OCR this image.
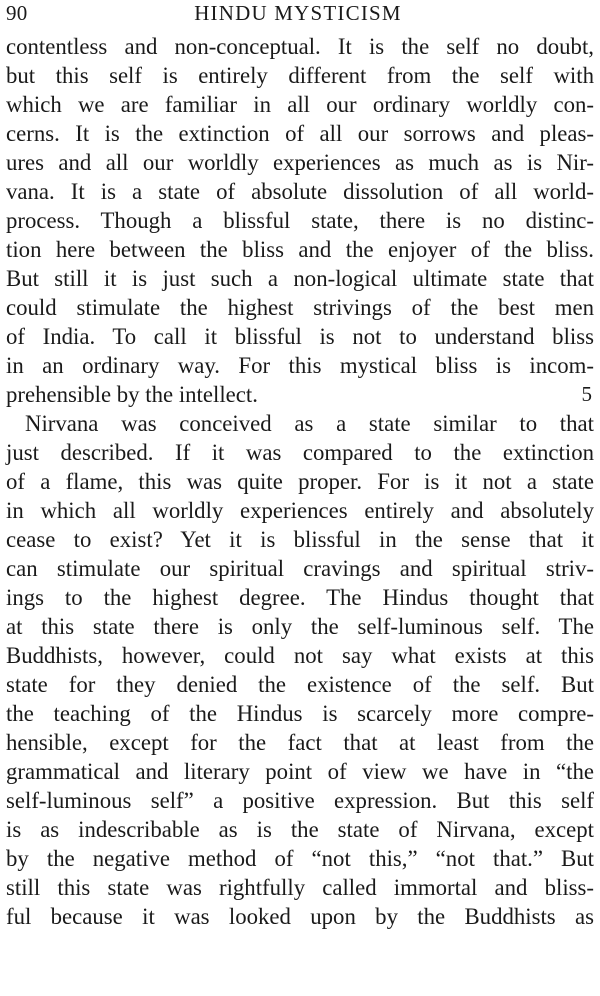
90	HINDU MYSTICISM
contentless and non-conceptual. It is the self no doubt,
but this self is entirely different from the self with
which we are familiar in all our ordinary worldly con-
cerns. It is the extinction of all our sorrows and pleas-
ures and all our worldly experiences as much as is Nir-
vana. It is a state of absolute dissolution of all world-
process. Though a blissful state, there is no distinc-
tion here between the bliss and the enjoyer of the bliss.
But still it is just such a non-logical ultimate state that
could stimulate the highest strivings of the best men
of India. To call it blissful is not to understand bliss
in an ordinary way. For this mystical bliss is incom-
prehensible by the intellect.	5
Nirvana was conceived as a state similar to that
just described. If it was compared to the extinction
of a flame, this was quite proper. For is it not a state
in which all worldly experiences entirely and absolutely
cease to exist? Yet it is blissful in the sense that it
can stimulate our spiritual cravings and spiritual striv-
ings to the highest degree. The Hindus thought that
at this state there is only the self-luminous self. The
Buddhists, however, could not say what exists at this
state for they denied the existence of the self. But
the teaching of the Hindus is scarcely more compre-
hensible, except for the fact that at least from the
grammatical and literary point of view we have in “the
self-luminous self” a positive expression. But this self
is as indescribable as is the state of Nirvana, except
by the negative method of “not this,” “not that.” But
still this state was rightfully called immortal and bliss-
ful because it was looked upon by the Buddhists as
